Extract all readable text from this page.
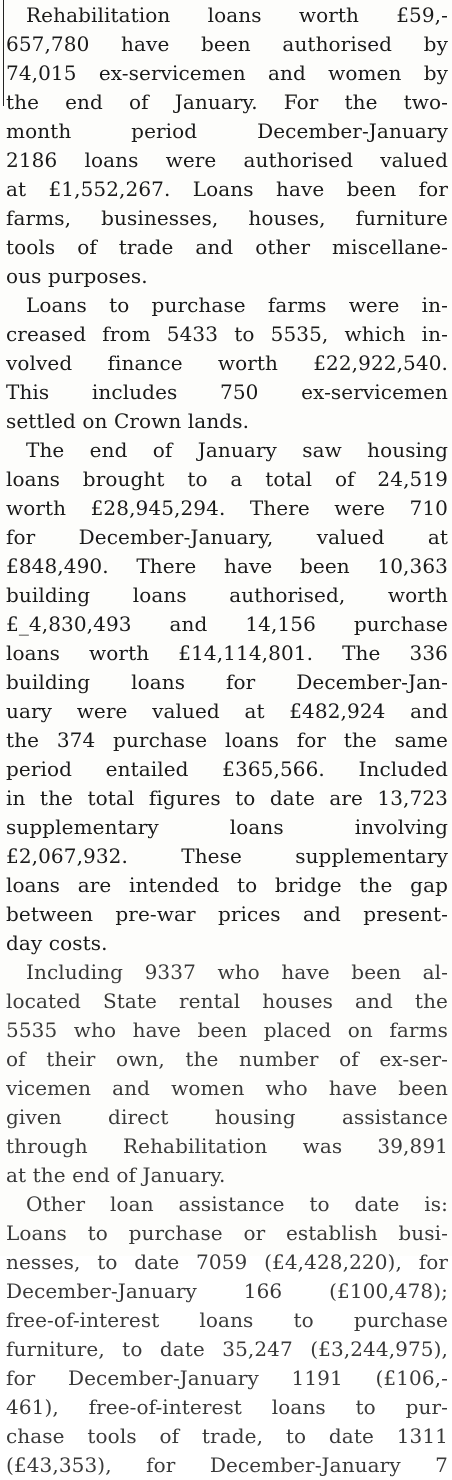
Rehabilitation loans worth £59,-
657,780 have been authorised by
74,015 ex-servicemen and women by
the end of January. For the two-
month period December-January
2186 loans were authorised valued
at £1,552,267. Loans have been for
farms, businesses, houses, furniture
tools of trade and other miscellane-
ous purposes.
Loans to purchase farms were in-
creased from 5433 to 5535, which in-
volved finance worth £22,922,540.
This includes 750 ex-servicemen
settled on Crown lands.
The end of January saw housing
loans brought to a total of 24,519
worth £28,945,294. There were 710
for December-January, valued at
£848,490. There have been 10,363
building loans authorised, worth
£_4,830,493 and 14,156 purchase
loans worth £14,114,801. The 336
building loans for December-Jan-
uary were valued at £482,924 and
the 374 purchase loans for the same
period entailed £365,566. Included
in the total figures to date are 13,723
supplementary loans involving
£2,067,932. These supplementary
loans are intended to bridge the gap
between pre-war prices and present-
day costs.
Including 9337 who have been al-
located State rental houses and the
5535 who have been placed on farms
of their own, the number of ex-ser-
vicemen and women who have been
given direct housing assistance
through Rehabilitation was 39,891
at the end of January.
Other loan assistance to date is:
Loans to purchase or establish busi-
nesses, to date 7059 (£4,428,220), for
December-January 166 (£100,478);
free-of-interest loans to purchase
furniture, to date 35,247 (£3,244,975),
for December-January 1191 (£106,-
461), free-of-interest loans to pur-
chase tools of trade, to date 1311
(£43,353), for December-January 7
